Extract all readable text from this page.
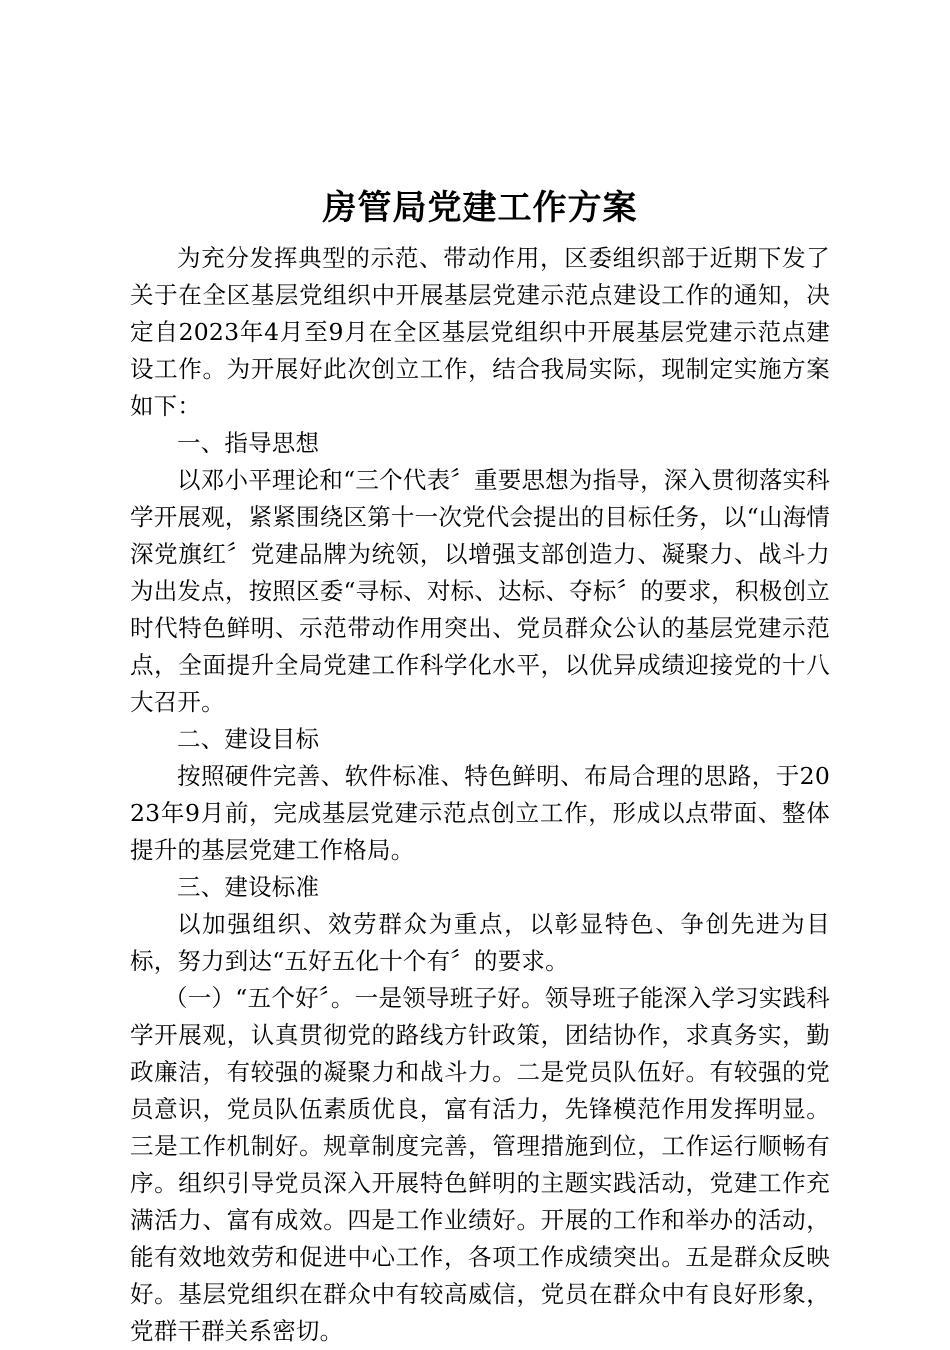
房管局党建工作方案

为充分发挥典型的示范、带动作用，区委组织部于近期下发了关于在全区基层党组织中开展基层党建示范点建设工作的通知，决定自2023年4月至9月在全区基层党组织中开展基层党建示范点建设工作。为开展好此次创立工作，结合我局实际，现制定实施方案如下：

一、指导思想

以邓小平理论和“三个代表〞重要思想为指导，深入贯彻落实科学开展观，紧紧围绕区第十一次党代会提出的目标任务，以“山海情深党旗红〞党建品牌为统领，以增强支部创造力、凝聚力、战斗力为出发点，按照区委“寻标、对标、达标、夺标〞的要求，积极创立时代特色鲜明、示范带动作用突出、党员群众公认的基层党建示范点，全面提升全局党建工作科学化水平，以优异成绩迎接党的十八大召开。

二、建设目标

按照硬件完善、软件标准、特色鲜明、布局合理的思路，于2023年9月前，完成基层党建示范点创立工作，形成以点带面、整体提升的基层党建工作格局。

三、建设标准

以加强组织、效劳群众为重点，以彰显特色、争创先进为目标，努力到达“五好五化十个有〞的要求。

（一）“五个好〞。一是领导班子好。领导班子能深入学习实践科学开展观，认真贯彻党的路线方针政策，团结协作，求真务实，勤政廉洁，有较强的凝聚力和战斗力。二是党员队伍好。有较强的党员意识，党员队伍素质优良，富有活力，先锋模范作用发挥明显。三是工作机制好。规章制度完善，管理措施到位，工作运行顺畅有序。组织引导党员深入开展特色鲜明的主题实践活动，党建工作充满活力、富有成效。四是工作业绩好。开展的工作和举办的活动，能有效地效劳和促进中心工作，各项工作成绩突出。五是群众反映好。基层党组织在群众中有较高威信，党员在群众中有良好形象，党群干群关系密切。
